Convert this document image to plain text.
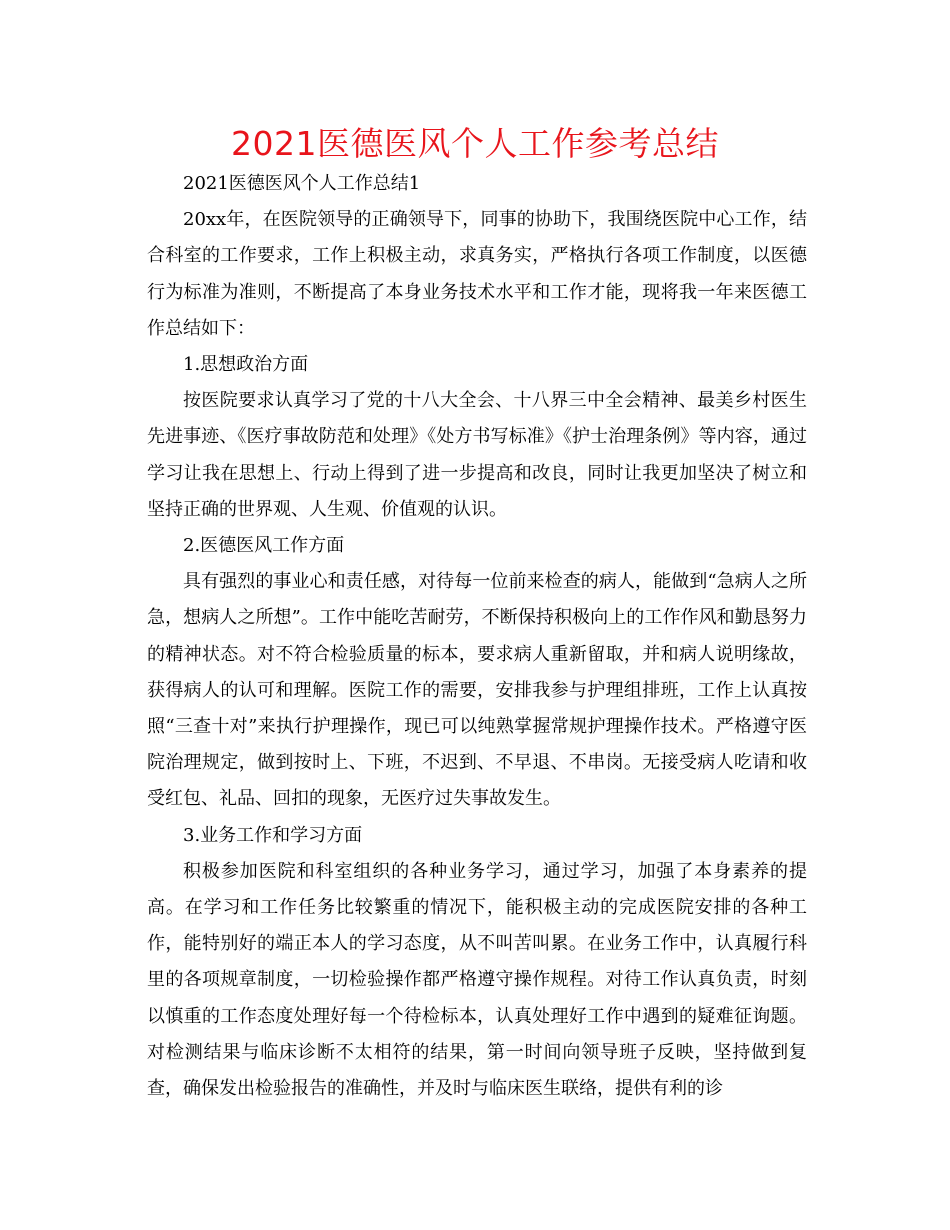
2021医德医风个人工作参考总结

2021医德医风个人工作总结1

20xx年，在医院领导的正确领导下，同事的协助下，我围绕医院中心工作，结合科室的工作要求，工作上积极主动，求真务实，严格执行各项工作制度，以医德行为标准为准则，不断提高了本身业务技术水平和工作才能，现将我一年来医德工作总结如下：

1.思想政治方面

按医院要求认真学习了党的十八大全会、十八界三中全会精神、最美乡村医生先进事迹、《医疗事故防范和处理》《处方书写标准》《护士治理条例》等内容，通过学习让我在思想上、行动上得到了进一步提高和改良，同时让我更加坚决了树立和坚持正确的世界观、人生观、价值观的认识。

2.医德医风工作方面

具有强烈的事业心和责任感，对待每一位前来检查的病人，能做到“急病人之所急，想病人之所想”。工作中能吃苦耐劳，不断保持积极向上的工作作风和勤恳努力的精神状态。对不符合检验质量的标本，要求病人重新留取，并和病人说明缘故，获得病人的认可和理解。医院工作的需要，安排我参与护理组排班，工作上认真按照“三查十对”来执行护理操作，现已可以纯熟掌握常规护理操作技术。严格遵守医院治理规定，做到按时上、下班，不迟到、不早退、不串岗。无接受病人吃请和收受红包、礼品、回扣的现象，无医疗过失事故发生。

3.业务工作和学习方面

积极参加医院和科室组织的各种业务学习，通过学习，加强了本身素养的提高。在学习和工作任务比较繁重的情况下，能积极主动的完成医院安排的各种工作，能特别好的端正本人的学习态度，从不叫苦叫累。在业务工作中，认真履行科里的各项规章制度，一切检验操作都严格遵守操作规程。对待工作认真负责，时刻以慎重的工作态度处理好每一个待检标本，认真处理好工作中遇到的疑难征询题。对检测结果与临床诊断不太相符的结果，第一时间向领导班子反映，坚持做到复查，确保发出检验报告的准确性，并及时与临床医生联络，提供有利的诊
